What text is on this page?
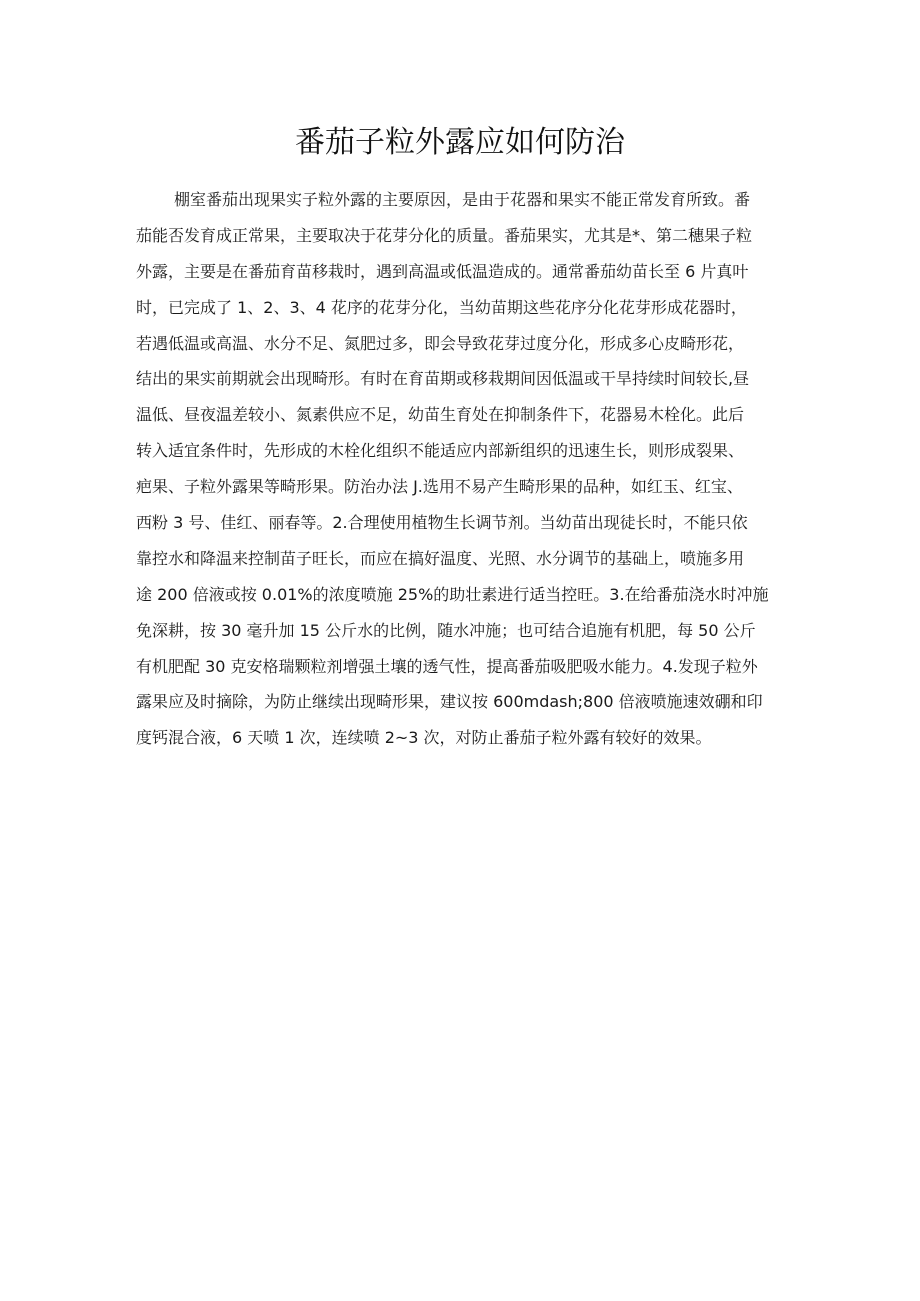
番茄子粒外露应如何防治
棚室番茄出现果实子粒外露的主要原因，是由于花器和果实不能正常发育所致。番
茄能否发育成正常果，主要取决于花芽分化的质量。番茄果实，尤其是*、第二穗果子粒
外露，主要是在番茄育苗移栽时，遇到高温或低温造成的。通常番茄幼苗长至 6 片真叶
时，已完成了 1、2、3、4 花序的花芽分化，当幼苗期这些花序分化花芽形成花器时，
若遇低温或高温、水分不足、氮肥过多，即会导致花芽过度分化，形成多心皮畸形花，
结出的果实前期就会出现畸形。有时在育苗期或移栽期间因低温或干旱持续时间较长,昼
温低、昼夜温差较小、氮素供应不足，幼苗生育处在抑制条件下，花器易木栓化。此后
转入适宜条件时，先形成的木栓化组织不能适应内部新组织的迅速生长，则形成裂果、
疤果、子粒外露果等畸形果。防治办法 J.选用不易产生畸形果的品种，如红玉、红宝、
西粉 3 号、佳红、丽春等。2.合理使用植物生长调节剂。当幼苗出现徒长时，不能只依
靠控水和降温来控制苗子旺长，而应在搞好温度、光照、水分调节的基础上，喷施多用
途 200 倍液或按 0.01%的浓度喷施 25%的助壮素进行适当控旺。3.在给番茄浇水时冲施
免深耕，按 30 毫升加 15 公斤水的比例，随水冲施；也可结合追施有机肥，每 50 公斤
有机肥配 30 克安格瑞颗粒剂增强土壤的透气性，提高番茄吸肥吸水能力。4.发现子粒外
露果应及时摘除，为防止继续出现畸形果，建议按 600mdash;800 倍液喷施速效硼和印
度钙混合液，6 天喷 1 次，连续喷 2~3 次，对防止番茄子粒外露有较好的效果。
